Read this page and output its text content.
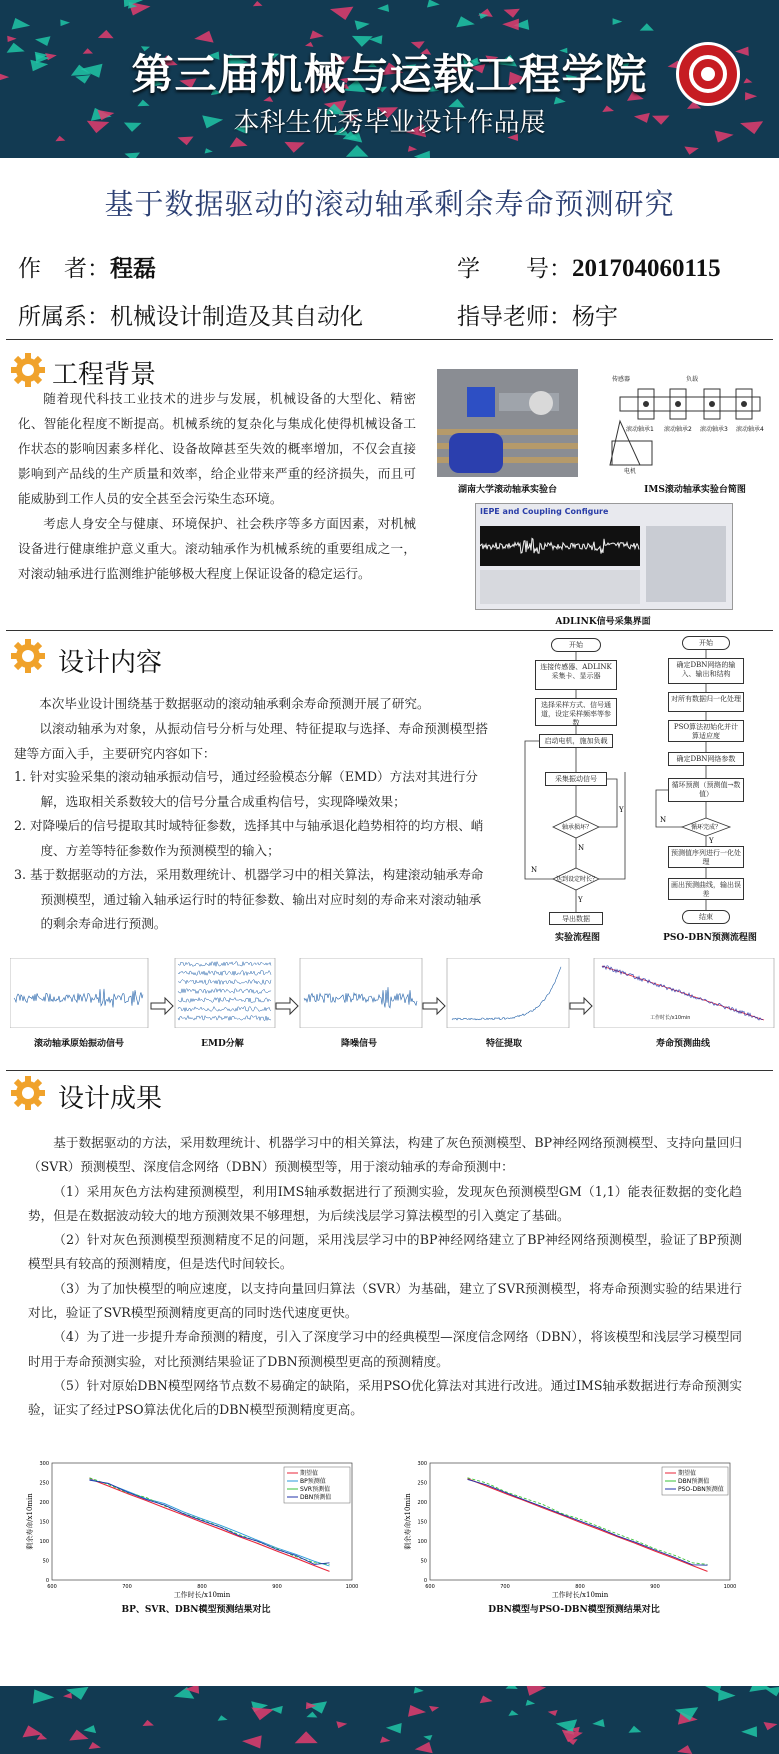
第三届机械与运载工程学院
本科生优秀毕业设计作品展
基于数据驱动的滚动轴承剩余寿命预测研究
作　者：程磊	学　　号：201704060115
所属系：机械设计制造及其自动化	指导老师：杨宇
工程背景

随着现代科技工业技术的进步与发展，机械设备的大型化、精密化、智能化程度不断提高。机械系统的复杂化与集成化使得机械设备工作状态的影响因素多样化、设备故障甚至失效的概率增加，不仅会直接影响到产品线的生产质量和效率，给企业带来严重的经济损失，而且可能威胁到工作人员的安全甚至会污染生态环境。

考虑人身安全与健康、环境保护、社会秩序等多方面因素，对机械设备进行健康维护意义重大。滚动轴承作为机械系统的重要组成之一，对滚动轴承进行监测维护能够极大程度上保证设备的稳定运行。

湖南大学滚动轴承实验台
传感器	负载
滚动轴承1 滚动轴承2 滚动轴承3 滚动轴承4
电机
IMS滚动轴承实验台简图
IEPE and Coupling Configure
ADLINK信号采集界面
设计内容

本次毕业设计围绕基于数据驱动的滚动轴承剩余寿命预测开展了研究。

以滚动轴承为对象，从振动信号分析与处理、特征提取与选择、寿命预测模型搭建等方面入手，主要研究内容如下：

1. 针对实验采集的滚动轴承振动信号，通过经验模态分解（EMD）方法对其进行分解，选取相关系数较大的信号分量合成重构信号，实现降噪效果；
2. 对降噪后的信号提取其时域特征参数，选择其中与轴承退化趋势相符的均方根、峭度、方差等特征参数作为预测模型的输入；
3. 基于数据驱动的方法，采用数理统计、机器学习中的相关算法，构建滚动轴承寿命预测模型，通过输入轴承运行时的特征参数、输出对应时刻的寿命来对滚动轴承的剩余寿命进行预测。
轴承损坏？
达到设定时长？
Y
N
Y
N
开始
连接传感器、ADLINK采集卡、显示器
选择采样方式、信号通道，设定采样频率等参数
启动电机，施加负载
采集振动信号
导出数据
实验流程图
循环完成？
N
Y
开始
确定DBN网络的输入、输出和结构
对所有数据归一化处理
PSO算法初始化并计算适应度
确定DBN网络参数
循环预测（预测值→数值）
预测值序列进行一化处理
画出预测曲线，输出误差
结束
PSO-DBN预测流程图
滚动轴承原始振动信号	EMD分解	降噪信号	特征提取	寿命预测曲线
工作时长/x10min
设计成果

基于数据驱动的方法，采用数理统计、机器学习中的相关算法，构建了灰色预测模型、BP神经网络预测模型、支持向量回归（SVR）预测模型、深度信念网络（DBN）预测模型等，用于滚动轴承的寿命预测中：

（1）采用灰色方法构建预测模型，利用IMS轴承数据进行了预测实验，发现灰色预测模型GM（1,1）能表征数据的变化趋势，但是在数据波动较大的地方预测效果不够理想，为后续浅层学习算法模型的引入奠定了基础。

（2）针对灰色预测模型预测精度不足的问题，采用浅层学习中的BP神经网络建立了BP神经网络预测模型，验证了BP预测模型具有较高的预测精度，但是迭代时间较长。

（3）为了加快模型的响应速度，以支持向量回归算法（SVR）为基础，建立了SVR预测模型，将寿命预测实验的结果进行对比，验证了SVR模型预测精度更高的同时迭代速度更快。

（4）为了进一步提升寿命预测的精度，引入了深度学习中的经典模型—深度信念网络（DBN），将该模型和浅层学习模型同时用于寿命预测实验，对比预测结果验证了DBN预测模型更高的预测精度。

（5）针对原始DBN模型网络节点数不易确定的缺陷，采用PSO优化算法对其进行改进。通过IMS轴承数据进行寿命预测实验，证实了经过PSO算法优化后的DBN模型预测精度更高。

600	700	800	900	1000
0
50
100
150
200
250
300
工作时长/x10min
剩余寿命/x10min
期望值
BP预测值
SVR预测值
DBN预测值
BP、SVR、DBN模型预测结果对比
600	700	800	900	1000
0
50
100
150
200
250
300
工作时长/x10min
剩余寿命/x10min
期望值
DBN预测值
PSO-DBN预测值
DBN模型与PSO-DBN模型预测结果对比
